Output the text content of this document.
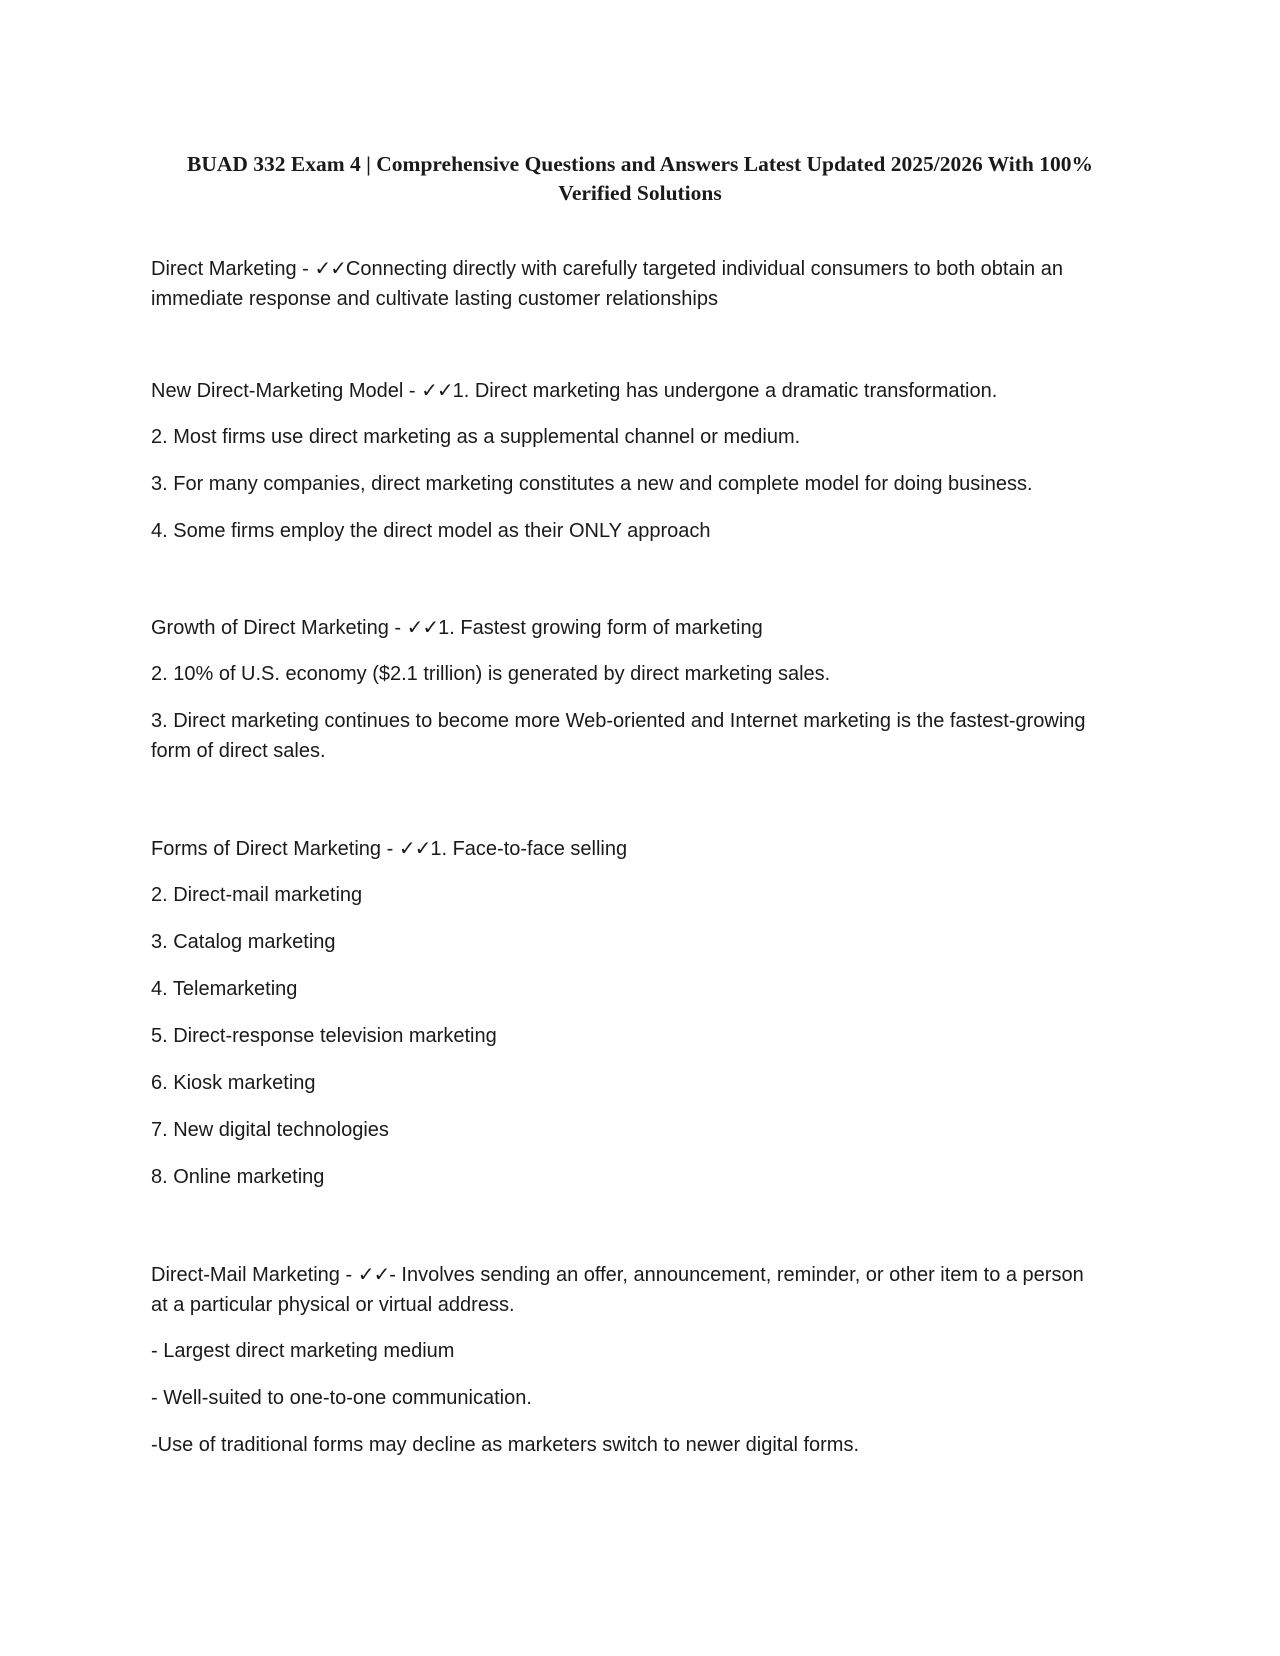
BUAD 332 Exam 4 | Comprehensive Questions and Answers Latest Updated 2025/2026 With 100%
Verified Solutions

Direct Marketing - ✓✓Connecting directly with carefully targeted individual consumers to both obtain an immediate response and cultivate lasting customer relationships

New Direct-Marketing Model - ✓✓1. Direct marketing has undergone a dramatic transformation.

2. Most firms use direct marketing as a supplemental channel or medium.

3. For many companies, direct marketing constitutes a new and complete model for doing business.

4. Some firms employ the direct model as their ONLY approach

Growth of Direct Marketing - ✓✓1. Fastest growing form of marketing

2. 10% of U.S. economy ($2.1 trillion) is generated by direct marketing sales.

3. Direct marketing continues to become more Web-oriented and Internet marketing is the fastest-growing form of direct sales.

Forms of Direct Marketing - ✓✓1. Face-to-face selling

2. Direct-mail marketing

3. Catalog marketing

4. Telemarketing

5. Direct-response television marketing

6. Kiosk marketing

7. New digital technologies

8. Online marketing

Direct-Mail Marketing - ✓✓- Involves sending an offer, announcement, reminder, or other item to a person at a particular physical or virtual address.

- Largest direct marketing medium

- Well-suited to one-to-one communication.

-Use of traditional forms may decline as marketers switch to newer digital forms.
